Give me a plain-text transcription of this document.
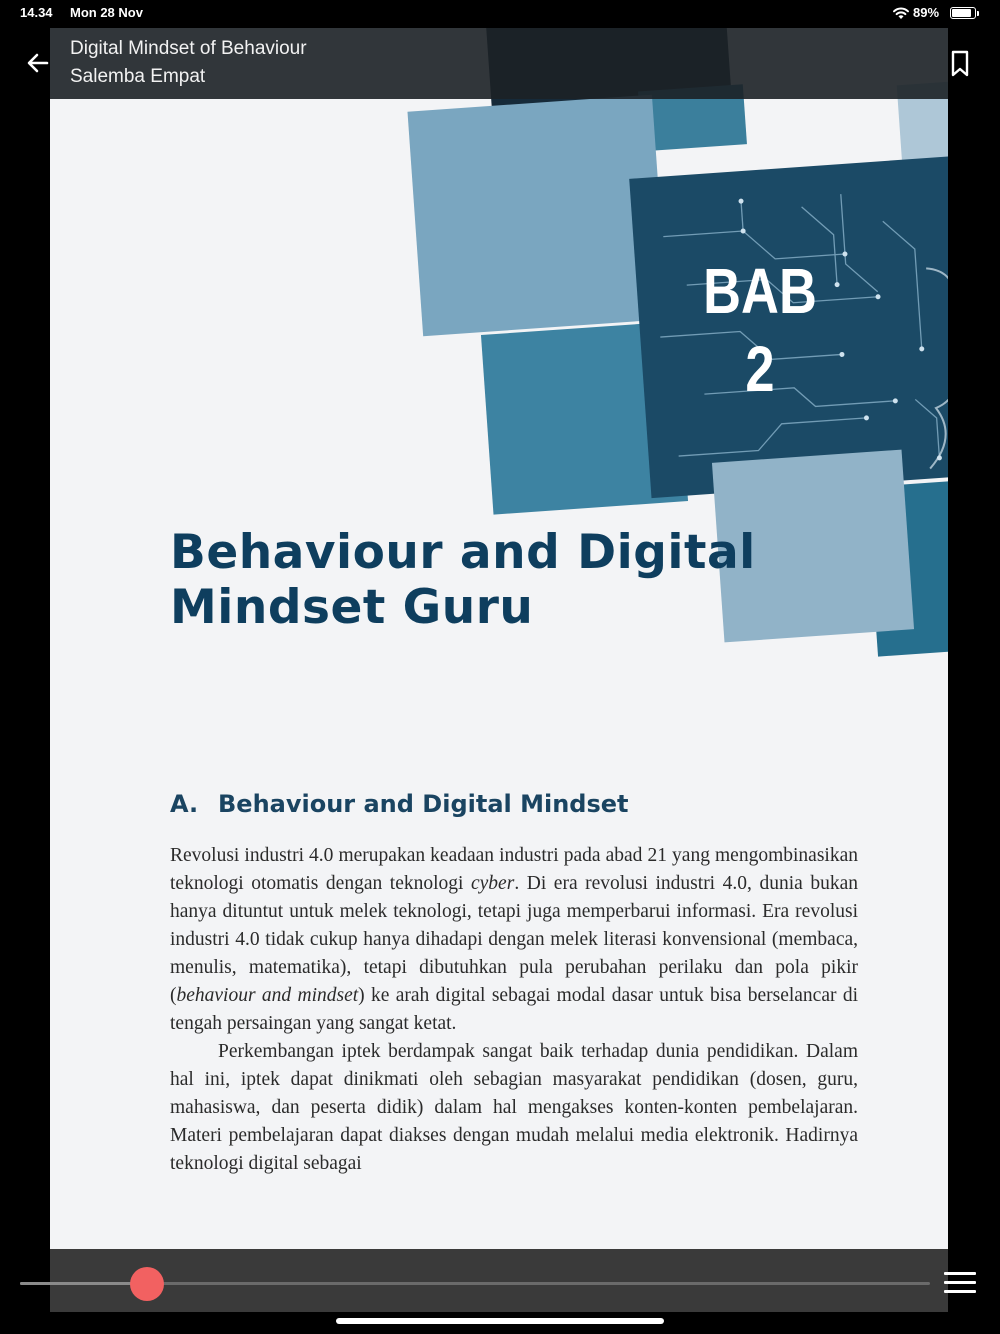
14.34 Mon 28 Nov	89%
BAB
2
Behaviour and Digital
Mindset Guru
A. Behaviour and Digital Mindset

Revolusi industri 4.0 merupakan keadaan industri pada abad 21 yang mengombinasikan teknologi otomatis dengan teknologi cyber. Di era revolusi industri 4.0, dunia bukan hanya dituntut untuk melek teknologi, tetapi juga memperbarui informasi. Era revolusi industri 4.0 tidak cukup hanya dihadapi dengan melek literasi konvensional (membaca, menulis, matematika), tetapi dibutuhkan pula perubahan perilaku dan pola pikir (behaviour and mindset) ke arah digital sebagai modal dasar untuk bisa berselancar di tengah persaingan yang sangat ketat.

Perkembangan iptek berdampak sangat baik terhadap dunia pendidikan. Dalam hal ini, iptek dapat dinikmati oleh sebagian masyarakat pendidikan (dosen, guru, mahasiswa, dan peserta didik) dalam hal mengakses konten-konten pembelajaran. Materi pembelajaran dapat diakses dengan mudah melalui media elektronik. Hadirnya teknologi digital sebagai

Digital Mindset of Behaviour
Salemba Empat
